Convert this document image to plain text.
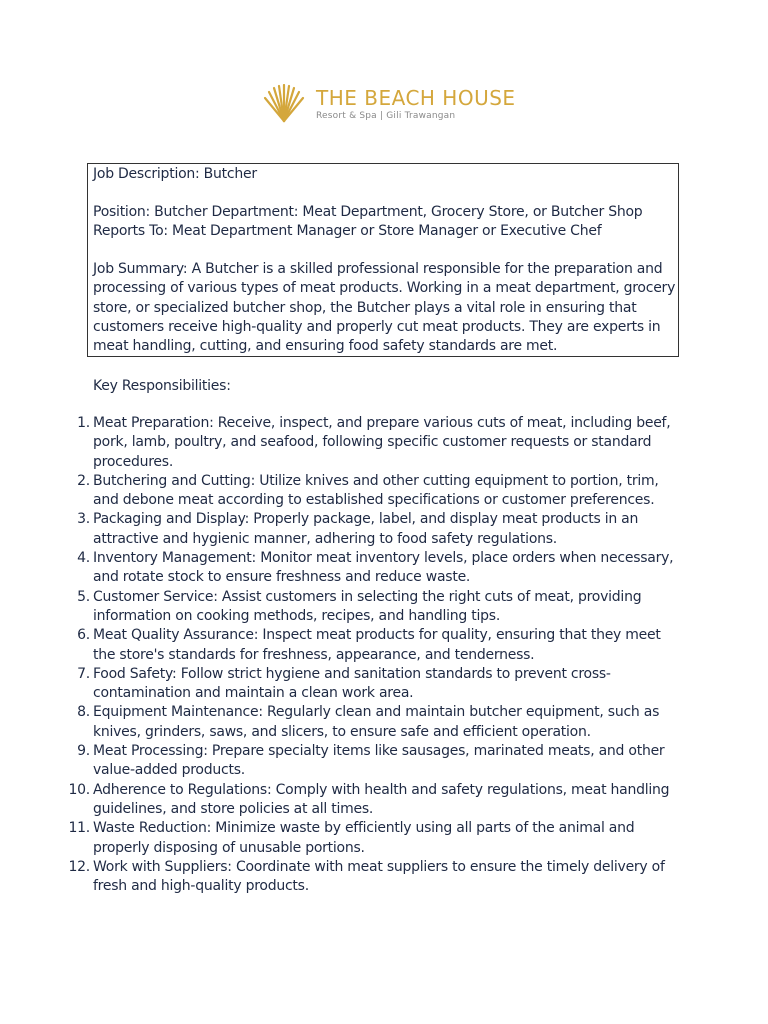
THE BEACH HOUSE
Resort & Spa | Gili Trawangan

Job Description: Butcher

Position: Butcher Department: Meat Department, Grocery Store, or Butcher Shop Reports To: Meat Department Manager or Store Manager or Executive Chef

Job Summary: A Butcher is a skilled professional responsible for the preparation and processing of various types of meat products. Working in a meat department, grocery store, or specialized butcher shop, the Butcher plays a vital role in ensuring that customers receive high-quality and properly cut meat products. They are experts in meat handling, cutting, and ensuring food safety standards are met.

Key Responsibilities:

1. Meat Preparation: Receive, inspect, and prepare various cuts of meat, including beef, pork, lamb, poultry, and seafood, following specific customer requests or standard procedures.
2. Butchering and Cutting: Utilize knives and other cutting equipment to portion, trim, and debone meat according to established specifications or customer preferences.
3. Packaging and Display: Properly package, label, and display meat products in an attractive and hygienic manner, adhering to food safety regulations.
4. Inventory Management: Monitor meat inventory levels, place orders when necessary, and rotate stock to ensure freshness and reduce waste.
5. Customer Service: Assist customers in selecting the right cuts of meat, providing information on cooking methods, recipes, and handling tips.
6. Meat Quality Assurance: Inspect meat products for quality, ensuring that they meet the store's standards for freshness, appearance, and tenderness.
7. Food Safety: Follow strict hygiene and sanitation standards to prevent cross-contamination and maintain a clean work area.
8. Equipment Maintenance: Regularly clean and maintain butcher equipment, such as knives, grinders, saws, and slicers, to ensure safe and efficient operation.
9. Meat Processing: Prepare specialty items like sausages, marinated meats, and other value-added products.
10. Adherence to Regulations: Comply with health and safety regulations, meat handling guidelines, and store policies at all times.
11. Waste Reduction: Minimize waste by efficiently using all parts of the animal and properly disposing of unusable portions.
12. Work with Suppliers: Coordinate with meat suppliers to ensure the timely delivery of fresh and high-quality products.
